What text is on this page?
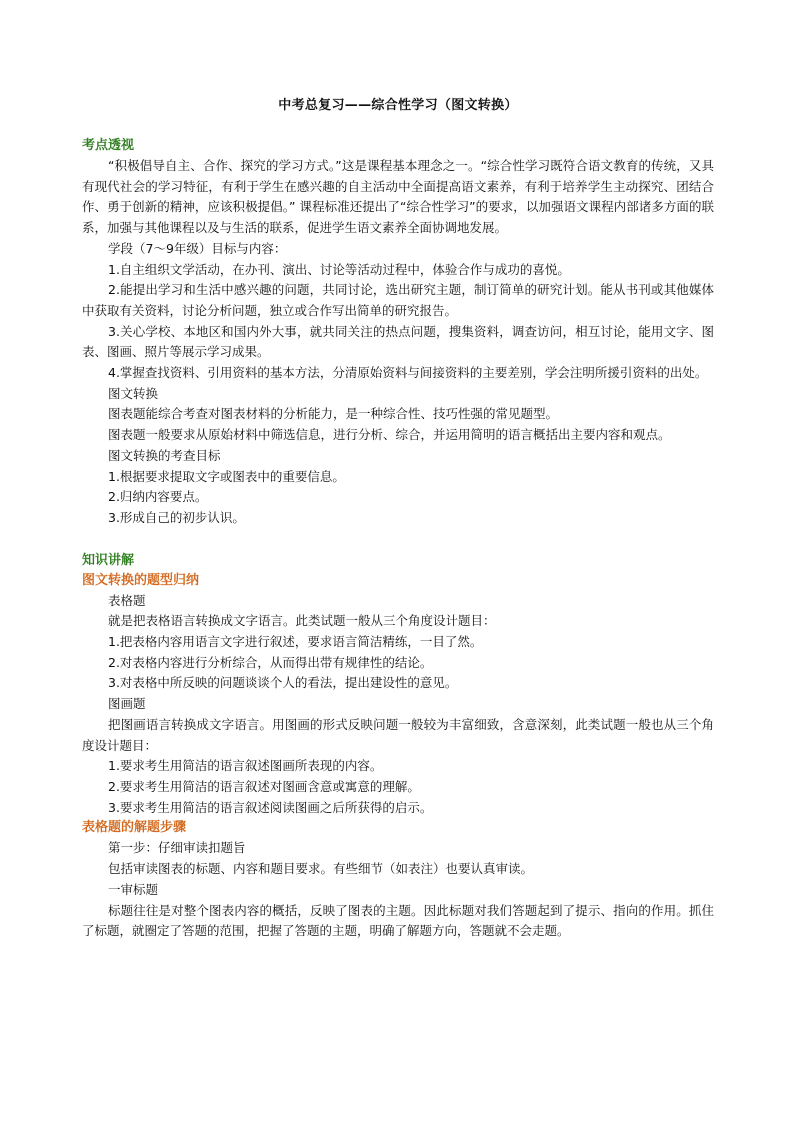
中考总复习——综合性学习（图文转换）
考点透视

“积极倡导自主、合作、探究的学习方式。”这是课程基本理念之一。“综合性学习既符合语文教育的传统，又具有现代社会的学习特征，有利于学生在感兴趣的自主活动中全面提高语文素养，有利于培养学生主动探究、团结合作、勇于创新的精神，应该积极提倡。” 课程标准还提出了“综合性学习”的要求，以加强语文课程内部诸多方面的联系，加强与其他课程以及与生活的联系，促进学生语文素养全面协调地发展。

学段（7～9年级）目标与内容：

1.自主组织文学活动，在办刊、演出、讨论等活动过程中，体验合作与成功的喜悦。

2.能提出学习和生活中感兴趣的问题，共同讨论，选出研究主题，制订简单的研究计划。能从书刊或其他媒体中获取有关资料，讨论分析问题，独立或合作写出简单的研究报告。

3.关心学校、本地区和国内外大事，就共同关注的热点问题，搜集资料，调查访问，相互讨论，能用文字、图表、图画、照片等展示学习成果。

4.掌握查找资料、引用资料的基本方法，分清原始资料与间接资料的主要差别，学会注明所援引资料的出处。

图文转换

图表题能综合考查对图表材料的分析能力，是一种综合性、技巧性强的常见题型。

图表题一般要求从原始材料中筛选信息，进行分析、综合，并运用简明的语言概括出主要内容和观点。

图文转换的考查目标

1.根据要求提取文字或图表中的重要信息。

2.归纳内容要点。

3.形成自己的初步认识。

知识讲解
图文转换的题型归纳

表格题

就是把表格语言转换成文字语言。此类试题一般从三个角度设计题目：

1.把表格内容用语言文字进行叙述，要求语言简洁精练，一目了然。

2.对表格内容进行分析综合，从而得出带有规律性的结论。

3.对表格中所反映的问题谈谈个人的看法，提出建设性的意见。

图画题

把图画语言转换成文字语言。用图画的形式反映问题一般较为丰富细致，含意深刻，此类试题一般也从三个角度设计题目：

1.要求考生用简洁的语言叙述图画所表现的内容。

2.要求考生用简洁的语言叙述对图画含意或寓意的理解。

3.要求考生用简洁的语言叙述阅读图画之后所获得的启示。

表格题的解题步骤

第一步：仔细审读扣题旨

包括审读图表的标题、内容和题目要求。有些细节（如表注）也要认真审读。

一审标题

标题往往是对整个图表内容的概括，反映了图表的主题。因此标题对我们答题起到了提示、指向的作用。抓住了标题，就圈定了答题的范围，把握了答题的主题，明确了解题方向，答题就不会走题。
